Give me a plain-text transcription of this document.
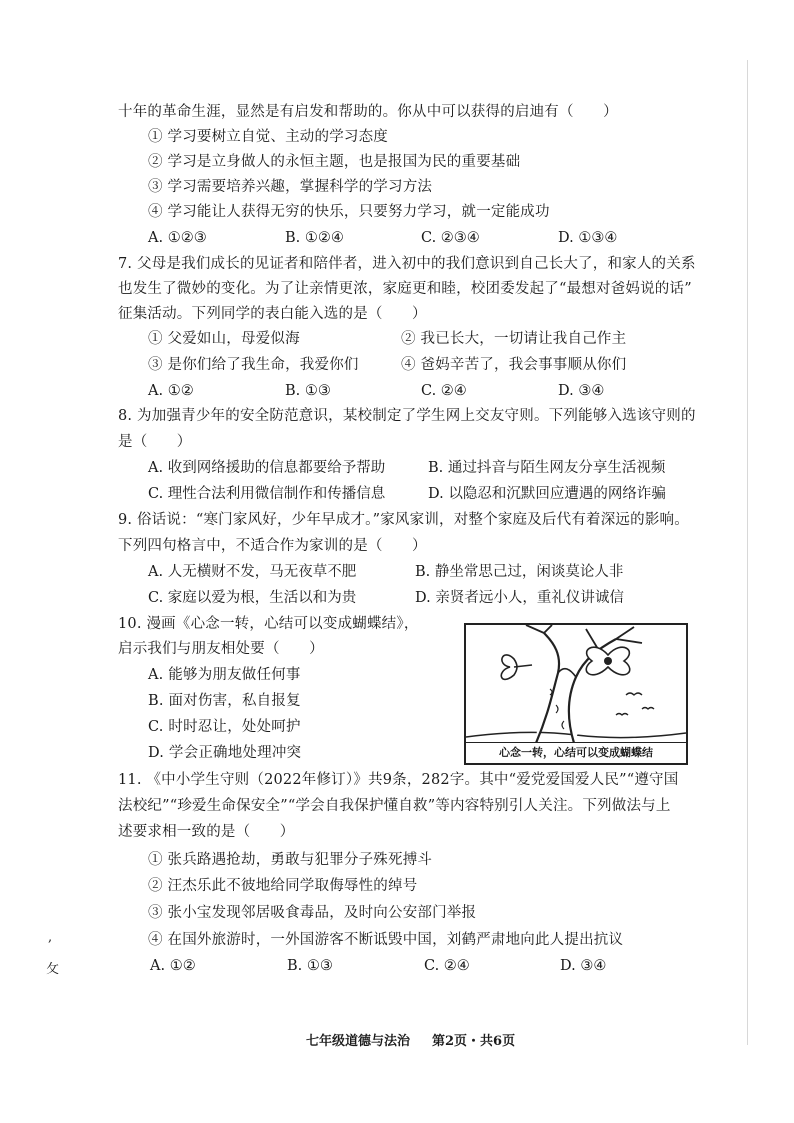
十年的革命生涯，显然是有启发和帮助的。你从中可以获得的启迪有（　　）
① 学习要树立自觉、主动的学习态度
② 学习是立身做人的永恒主题，也是报国为民的重要基础
③ 学习需要培养兴趣，掌握科学的学习方法
④ 学习能让人获得无穷的快乐，只要努力学习，就一定能成功
A. ①②③	B. ①②④	C. ②③④	D. ①③④
7. 父母是我们成长的见证者和陪伴者，进入初中的我们意识到自己长大了，和家人的关系
也发生了微妙的变化。为了让亲情更浓，家庭更和睦，校团委发起了“最想对爸妈说的话”
征集活动。下列同学的表白能入选的是（　　）
① 父爱如山，母爱似海	② 我已长大，一切请让我自己作主
③ 是你们给了我生命，我爱你们	④ 爸妈辛苦了，我会事事顺从你们
A. ①②	B. ①③	C. ②④	D. ③④
8. 为加强青少年的安全防范意识，某校制定了学生网上交友守则。下列能够入选该守则的
是（　　）
A. 收到网络援助的信息都要给予帮助	B. 通过抖音与陌生网友分享生活视频
C. 理性合法利用微信制作和传播信息	D. 以隐忍和沉默回应遭遇的网络诈骗
9. 俗话说：“寒门家风好，少年早成才。”家风家训，对整个家庭及后代有着深远的影响。
下列四句格言中，不适合作为家训的是（　　）
A. 人无横财不发，马无夜草不肥	B. 静坐常思己过，闲谈莫论人非
C. 家庭以爱为根，生活以和为贵	D. 亲贤者远小人，重礼仪讲诚信
10. 漫画《心念一转，心结可以变成蝴蝶结》，
启示我们与朋友相处要（　　）
A. 能够为朋友做任何事
B. 面对伤害，私自报复
C. 时时忍让，处处呵护
D. 学会正确地处理冲突	心念一转，心结可以变成蝴蝶结
11. 《中小学生守则（2022年修订）》共9条，282字。其中“爱党爱国爱人民”“遵守国
法校纪”“珍爱生命保安全”“学会自我保护懂自救”等内容特别引人关注。下列做法与上
述要求相一致的是（　　）
① 张兵路遇抢劫，勇敢与犯罪分子殊死搏斗
② 汪杰乐此不彼地给同学取侮辱性的绰号
③ 张小宝发现邻居吸食毒品，及时向公安部门举报
④ 在国外旅游时，一外国游客不断诋毁中国，刘鹤严肃地向此人提出抗议
A. ①②	B. ①③	C. ②④	D. ③④
,
攵
七年级道德与法治 第2页・共6页
